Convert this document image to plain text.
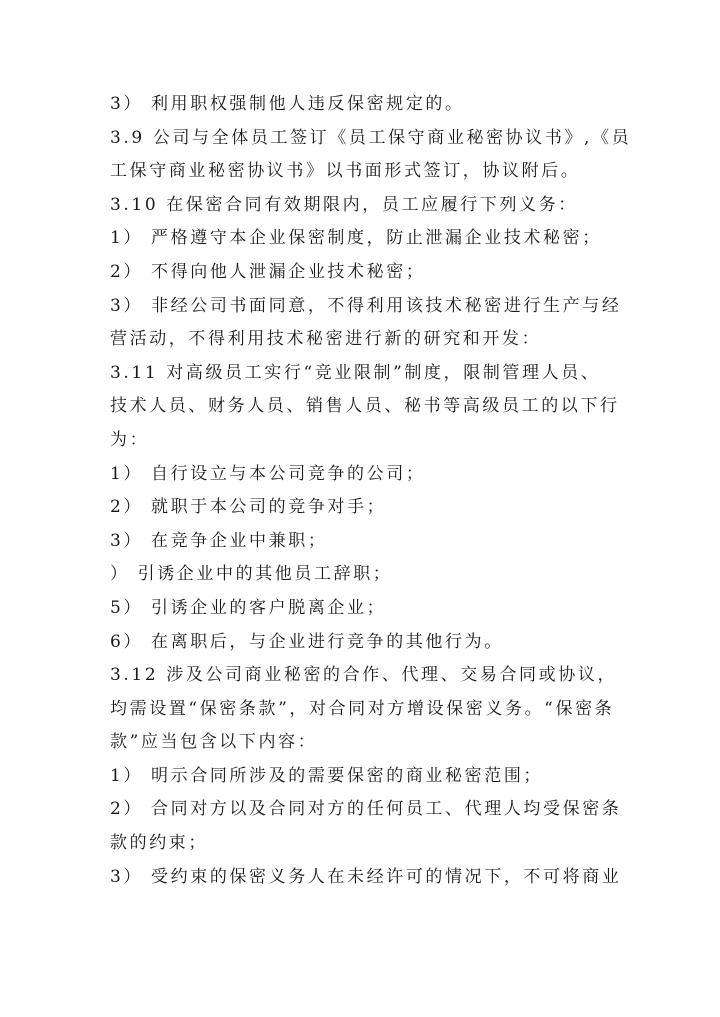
3） 利用职权强制他人违反保密规定的。
3.9 公司与全体员工签订《员工保守商业秘密协议书》,《员
工保守商业秘密协议书》以书面形式签订，协议附后。
3.10 在保密合同有效期限内，员工应履行下列义务：
1） 严格遵守本企业保密制度，防止泄漏企业技术秘密；
2） 不得向他人泄漏企业技术秘密；
3） 非经公司书面同意，不得利用该技术秘密进行生产与经
营活动，不得利用技术秘密进行新的研究和开发：
3.11 对高级员工实行“竞业限制”制度，限制管理人员、
技术人员、财务人员、销售人员、秘书等高级员工的以下行
为：
1） 自行设立与本公司竞争的公司；
2） 就职于本公司的竞争对手；
3） 在竞争企业中兼职；
） 引诱企业中的其他员工辞职；
5） 引诱企业的客户脱离企业；
6） 在离职后，与企业进行竞争的其他行为。
3.12 涉及公司商业秘密的合作、代理、交易合同或协议，
均需设置“保密条款”，对合同对方增设保密义务。“保密条
款”应当包含以下内容：
1） 明示合同所涉及的需要保密的商业秘密范围；
2） 合同对方以及合同对方的任何员工、代理人均受保密条
款的约束；
3） 受约束的保密义务人在未经许可的情况下，不可将商业
